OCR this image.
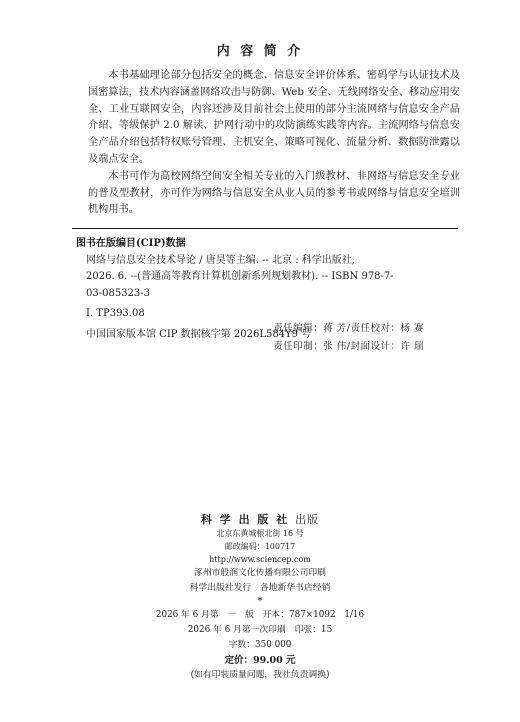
内 容 简 介

本书基础理论部分包括安全的概念、信息安全评价体系、密码学与认证技术及国密算法，技术内容涵盖网络攻击与防御、Web 安全、无线网络安全、移动应用安全、工业互联网安全，内容还涉及目前社会上使用的部分主流网络与信息安全产品介绍、等级保护 2.0 解读、护网行动中的攻防演练实践等内容。主流网络与信息安全产品介绍包括特权账号管理、主机安全、策略可视化、流量分析、数据防泄露以及端点安全。

本书可作为高校网络空间安全相关专业的入门级教材、非网络与信息安全专业的普及型教材，亦可作为网络与信息安全从业人员的参考书或网络与信息安全培训机构用书。

图书在版编目(CIP)数据
网络与信息安全技术导论 / 唐昊等主编. -- 北京 : 科学出版社,
2026. 6. --(普通高等教育计算机创新系列规划教材). -- ISBN 978-7-
03-085323-3
Ⅰ. TP393.08
中国国家版本馆 CIP 数据核字第 2026L584Y9 号
责任编辑：蒋 芳/责任校对：杨 赛
责任印制：张 伟/封面设计：许 瑞
科 学 出 版 社 出版
北京东黄城根北街 16 号
邮政编码：100717
http://www.sciencep.com
涿州市般润文化传播有限公司印刷
科学出版社发行　各地新华书店经销
*
2026 年 6 月第　一　版　开本：787×1092　1/16
2026 年 6 月第一次印刷　印张：15
字数：350 000
定价：99.00 元
(如有印装质量问题，我社负责调换)
